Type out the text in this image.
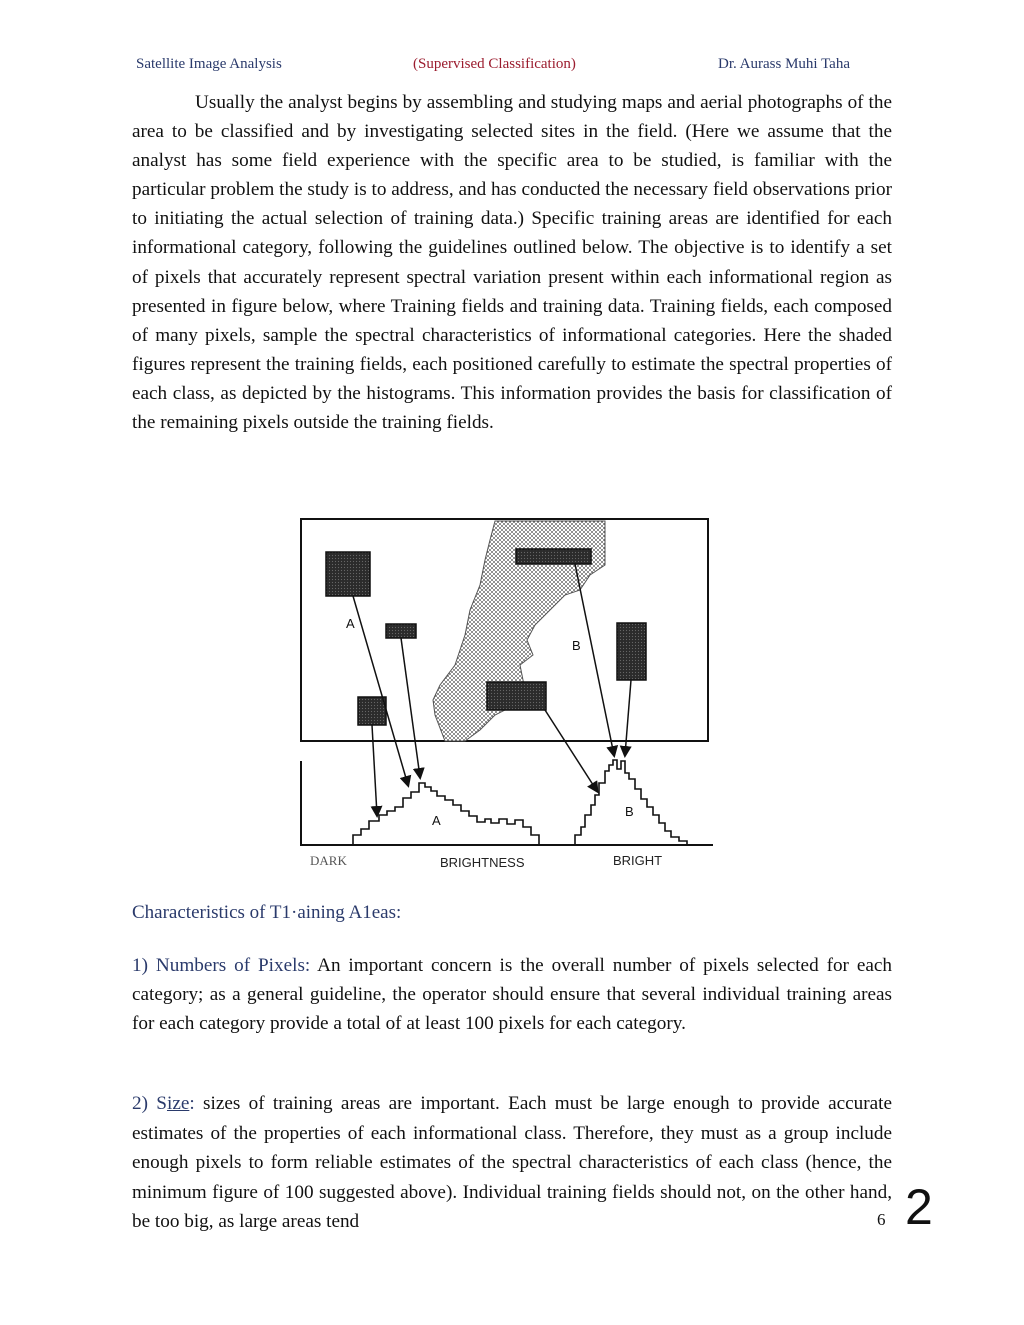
Satellite Image Analysis	(Supervised Classification)	Dr. Aurass Muhi Taha

Usually the analyst begins by assembling and studying maps and aerial photographs of the area to be classified and by investigating selected sites in the field. (Here we assume that the analyst has some field experience with the specific area to be studied, is familiar with the particular problem the study is to address, and has conducted the necessary field observations prior to initiating the actual selection of training data.) Specific training areas are identified for each informational category, following the guidelines outlined below. The objective is to identify a set of pixels that accurately represent spectral variation present within each informational region as presented in figure below, where Training fields and training data. Training fields, each composed of many pixels, sample the spectral characteristics of informational categories. Here the shaded figures represent the training fields, each positioned carefully to estimate the spectral properties of each class, as depicted by the histograms. This information provides the basis for classification of the remaining pixels outside the training fields.

A
B
A
B
DARK	BRIGHTNESS	BRIGHT
Characteristics of T1·aining A1eas:

1) Numbers of Pixels: An important concern is the overall number of pixels selected for each category; as a general guideline, the operator should ensure that several individual training areas for each category provide a total of at least 100 pixels for each category.

2) Size: sizes of training areas are important. Each must be large enough to provide accurate estimates of the properties of each informational class. Therefore, they must as a group include enough pixels to form reliable estimates of the spectral characteristics of each class (hence, the minimum figure of 100 suggested above). Individual training fields should not, on the other hand, be too big, as large areas tend	6 2
